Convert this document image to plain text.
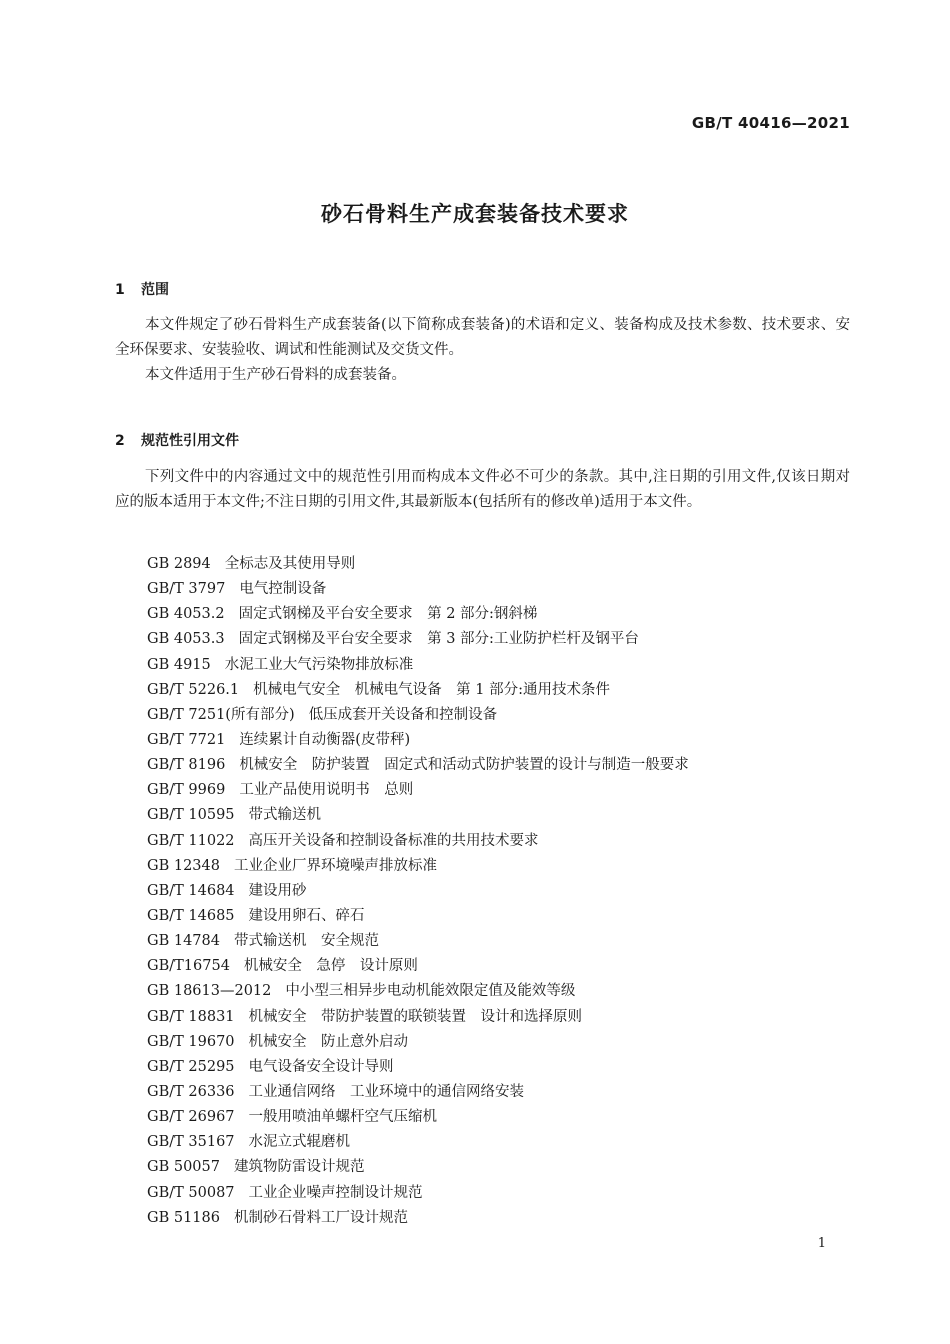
GB/T 40416—2021
砂石骨料生产成套装备技术要求
1 范围

本文件规定了砂石骨料生产成套装备(以下简称成套装备)的术语和定义、装备构成及技术参数、技术要求、安全环保要求、安装验收、调试和性能测试及交货文件。

本文件适用于生产砂石骨料的成套装备。

2 规范性引用文件

下列文件中的内容通过文中的规范性引用而构成本文件必不可少的条款。其中,注日期的引用文件,仅该日期对应的版本适用于本文件;不注日期的引用文件,其最新版本(包括所有的修改单)适用于本文件。

GB 2894 全标志及其使用导则
GB/T 3797 电气控制设备
GB 4053.2 固定式钢梯及平台安全要求　第 2 部分:钢斜梯
GB 4053.3 固定式钢梯及平台安全要求　第 3 部分:工业防护栏杆及钢平台
GB 4915 水泥工业大气污染物排放标准
GB/T 5226.1 机械电气安全　机械电气设备　第 1 部分:通用技术条件
GB/T 7251(所有部分) 低压成套开关设备和控制设备
GB/T 7721 连续累计自动衡器(皮带秤)
GB/T 8196 机械安全　防护装置　固定式和活动式防护装置的设计与制造一般要求
GB/T 9969 工业产品使用说明书　总则
GB/T 10595 带式输送机
GB/T 11022 高压开关设备和控制设备标准的共用技术要求
GB 12348 工业企业厂界环境噪声排放标准
GB/T 14684 建设用砂
GB/T 14685 建设用卵石、碎石
GB 14784 带式输送机　安全规范
GB/T16754 机械安全　急停　设计原则
GB 18613—2012 中小型三相异步电动机能效限定值及能效等级
GB/T 18831 机械安全　带防护装置的联锁装置　设计和选择原则
GB/T 19670 机械安全　防止意外启动
GB/T 25295 电气设备安全设计导则
GB/T 26336 工业通信网络　工业环境中的通信网络安装
GB/T 26967 一般用喷油单螺杆空气压缩机
GB/T 35167 水泥立式辊磨机
GB 50057 建筑物防雷设计规范
GB/T 50087 工业企业噪声控制设计规范
GB 51186 机制砂石骨料工厂设计规范
1
